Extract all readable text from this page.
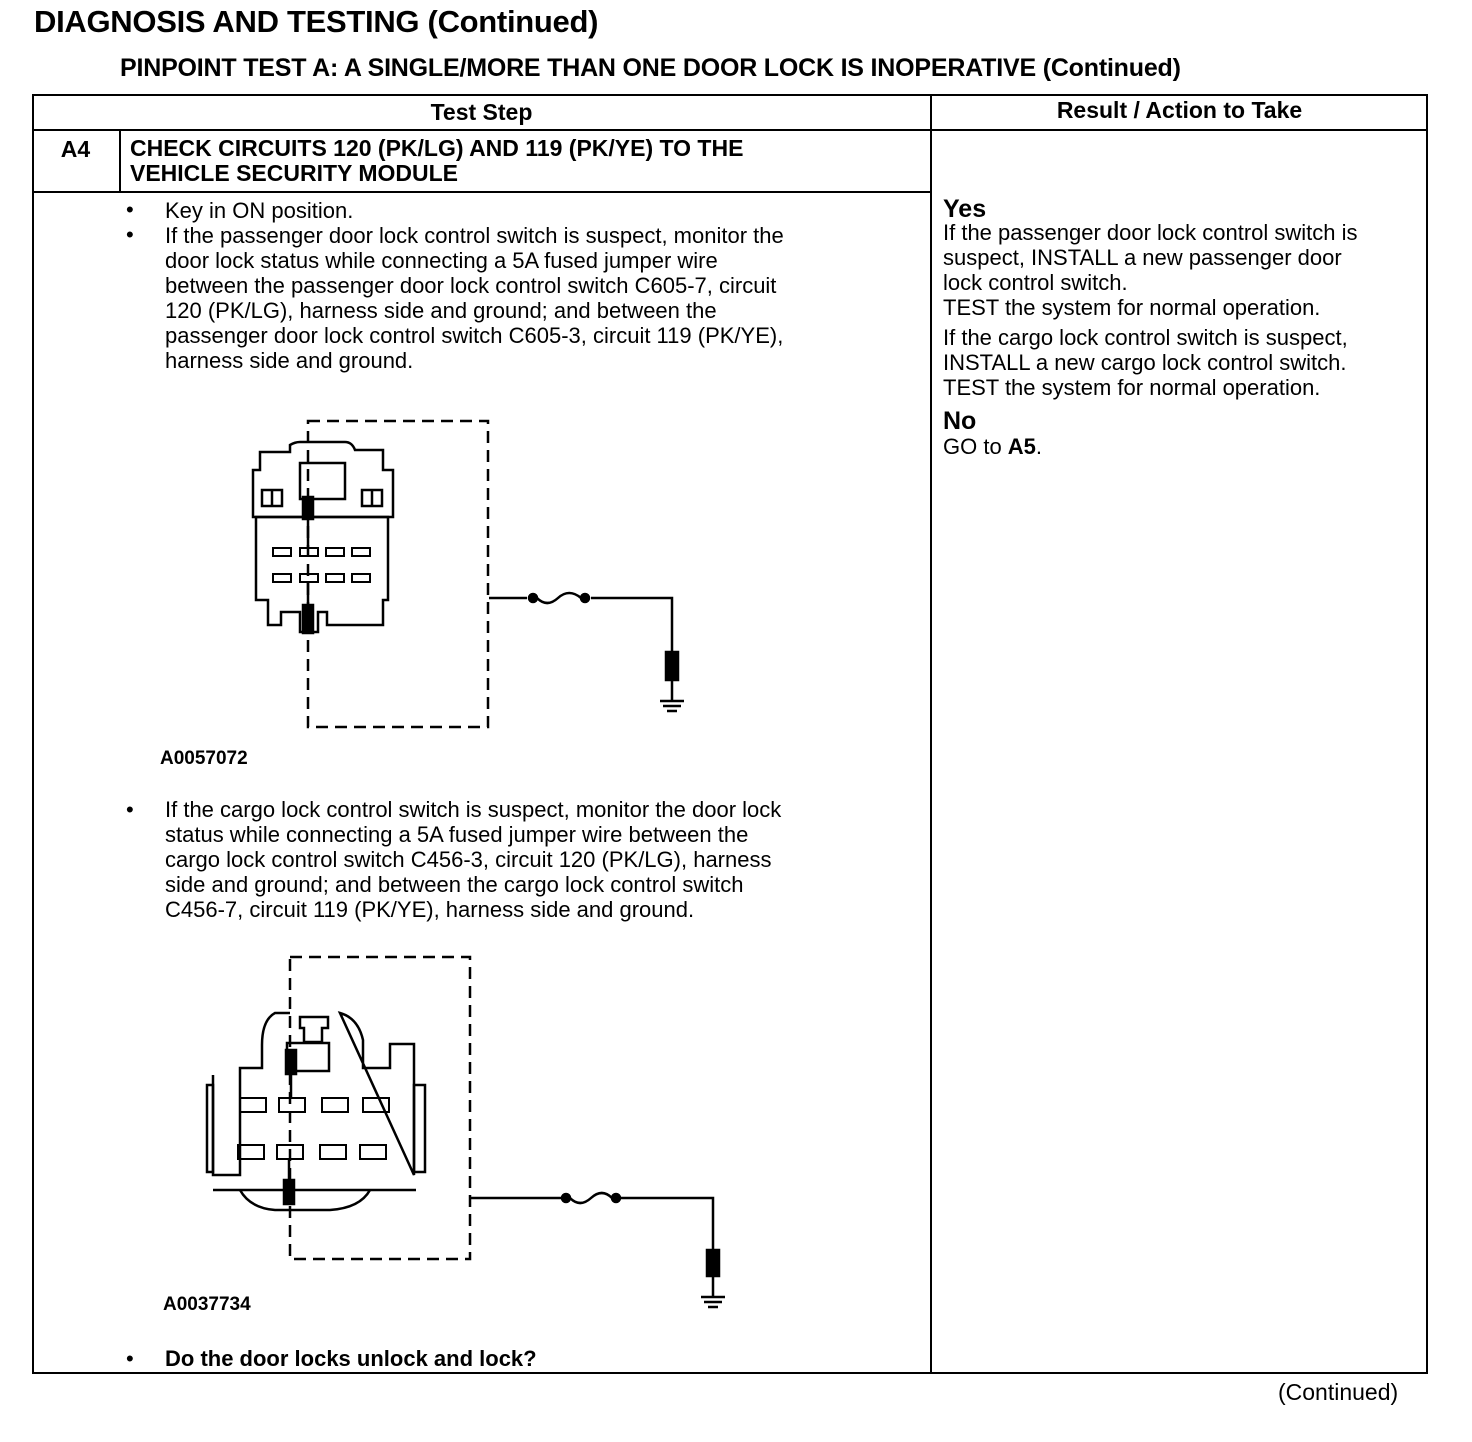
DIAGNOSIS AND TESTING (Continued)
PINPOINT TEST A: A SINGLE/MORE THAN ONE DOOR LOCK IS INOPERATIVE (Continued)
Test Step	Result / Action to Take
A4	CHECK CIRCUITS 120 (PK/LG) AND 119 (PK/YE) TO THE
VEHICLE SECURITY MODULE
• Key in ON position.
• If the passenger door lock control switch is suspect, monitor the
door lock status while connecting a 5A fused jumper wire
between the passenger door lock control switch C605-7, circuit
120 (PK/LG), harness side and ground; and between the
passenger door lock control switch C605-3, circuit 119 (PK/YE),
harness side and ground.
A0057072
• If the cargo lock control switch is suspect, monitor the door lock
status while connecting a 5A fused jumper wire between the
cargo lock control switch C456-3, circuit 120 (PK/LG), harness
side and ground; and between the cargo lock control switch
C456-7, circuit 119 (PK/YE), harness side and ground.
A0037734
• Do the door locks unlock and lock?
Yes
If the passenger door lock control switch is
suspect, INSTALL a new passenger door
lock control switch.
TEST the system for normal operation.
If the cargo lock control switch is suspect,
INSTALL a new cargo lock control switch.
TEST the system for normal operation.
No
GO to A5.
(Continued)
